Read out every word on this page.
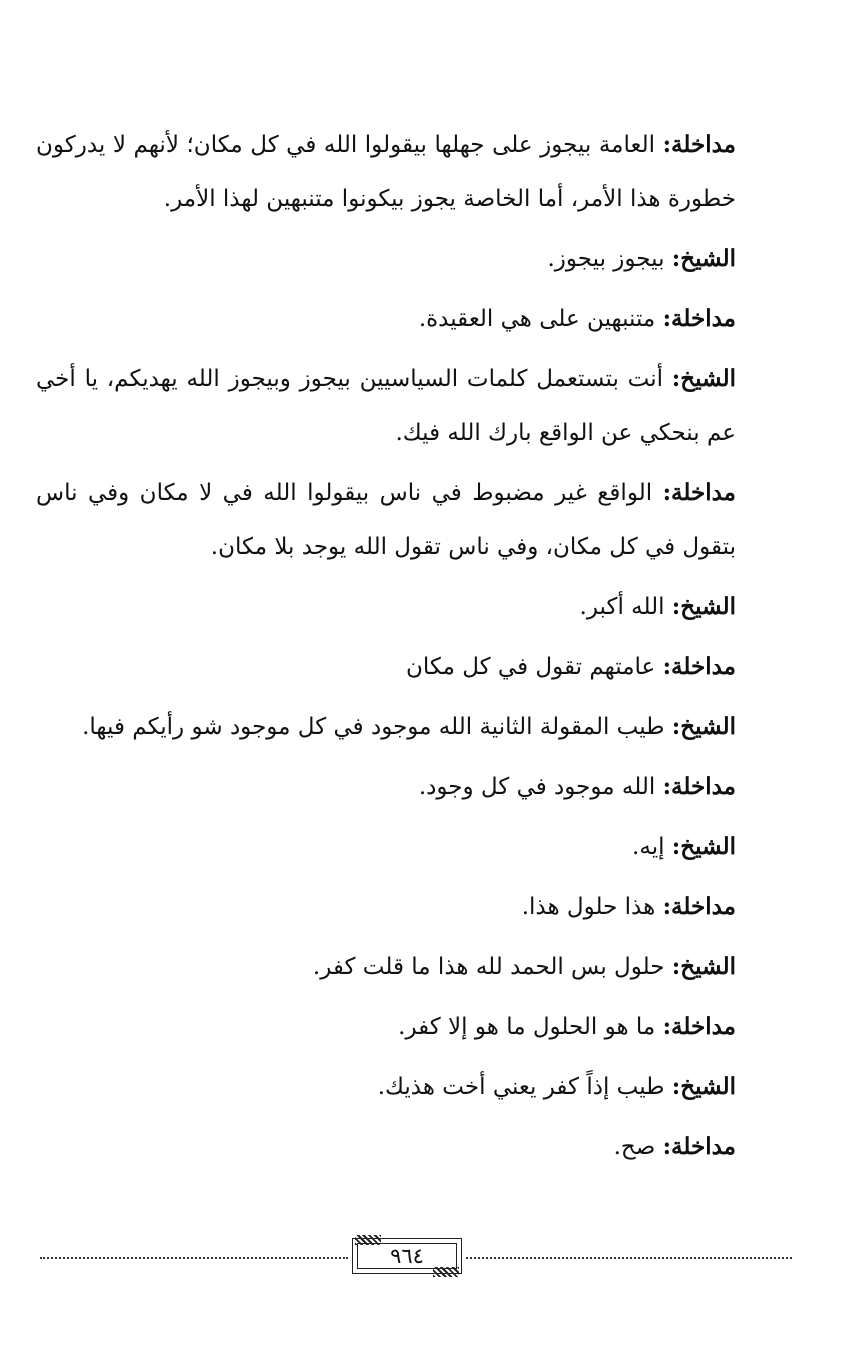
مداخلة: العامة بيجوز على جهلها بيقولوا الله في كل مكان؛ لأنهم لا يدركون خطورة هذا الأمر، أما الخاصة يجوز بيكونوا متنبهين لهذا الأمر.

الشيخ: بيجوز بيجوز.

مداخلة: متنبهين على هي العقيدة.

الشيخ: أنت بتستعمل كلمات السياسيين بيجوز وبيجوز الله يهديكم، يا أخي عم بنحكي عن الواقع بارك الله فيك.

مداخلة: الواقع غير مضبوط في ناس بيقولوا الله في لا مكان وفي ناس بتقول في كل مكان، وفي ناس تقول الله يوجد بلا مكان.

الشيخ: الله أكبر.

مداخلة: عامتهم تقول في كل مكان

الشيخ: طيب المقولة الثانية الله موجود في كل موجود شو رأيكم فيها.

مداخلة: الله موجود في كل وجود.

الشيخ: إيه.

مداخلة: هذا حلول هذا.

الشيخ: حلول بس الحمد لله هذا ما قلت كفر.

مداخلة: ما هو الحلول ما هو إلا كفر.

الشيخ: طيب إذاً كفر يعني أخت هذيك.

مداخلة: صح.

٩٦٤
